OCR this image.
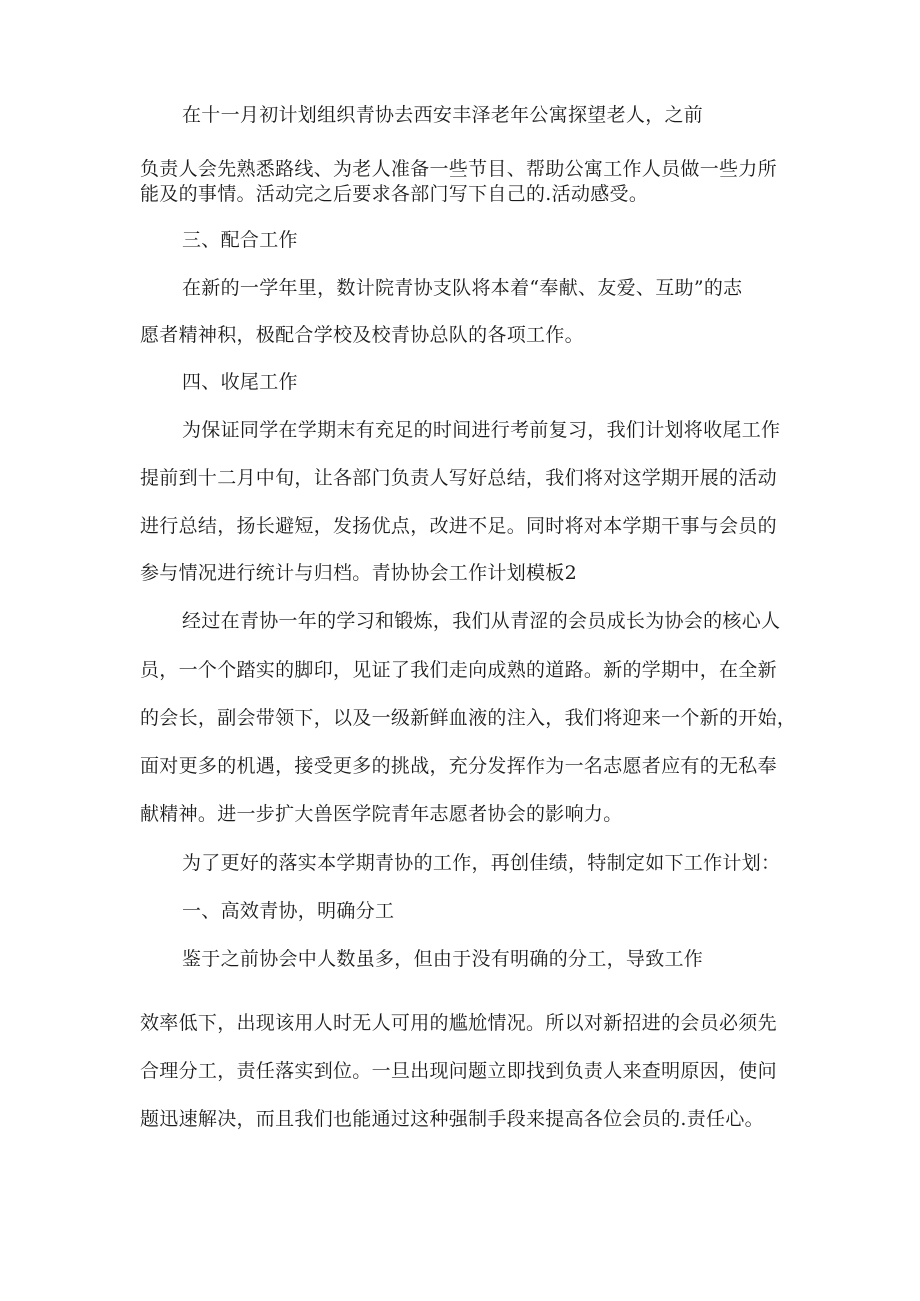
在十一月初计划组织青协去西安丰泽老年公寓探望老人，之前
负责人会先熟悉路线、为老人准备一些节目、帮助公寓工作人员做一些力所
能及的事情。活动完之后要求各部门写下自己的.活动感受。
三、配合工作
在新的一学年里，数计院青协支队将本着“奉献、友爱、互助”的志
愿者精神积，极配合学校及校青协总队的各项工作。
四、收尾工作
为保证同学在学期末有充足的时间进行考前复习，我们计划将收尾工作
提前到十二月中旬，让各部门负责人写好总结，我们将对这学期开展的活动
进行总结，扬长避短，发扬优点，改进不足。同时将对本学期干事与会员的
参与情况进行统计与归档。青协协会工作计划模板2
经过在青协一年的学习和锻炼，我们从青涩的会员成长为协会的核心人
员，一个个踏实的脚印，见证了我们走向成熟的道路。新的学期中，在全新
的会长，副会带领下，以及一级新鲜血液的注入，我们将迎来一个新的开始，
面对更多的机遇，接受更多的挑战，充分发挥作为一名志愿者应有的无私奉
献精神。进一步扩大兽医学院青年志愿者协会的影响力。
为了更好的落实本学期青协的工作，再创佳绩，特制定如下工作计划：
一、高效青协，明确分工
鉴于之前协会中人数虽多，但由于没有明确的分工，导致工作
效率低下，出现该用人时无人可用的尴尬情况。所以对新招进的会员必须先
合理分工，责任落实到位。一旦出现问题立即找到负责人来查明原因，使问
题迅速解决，而且我们也能通过这种强制手段来提高各位会员的.责任心。
